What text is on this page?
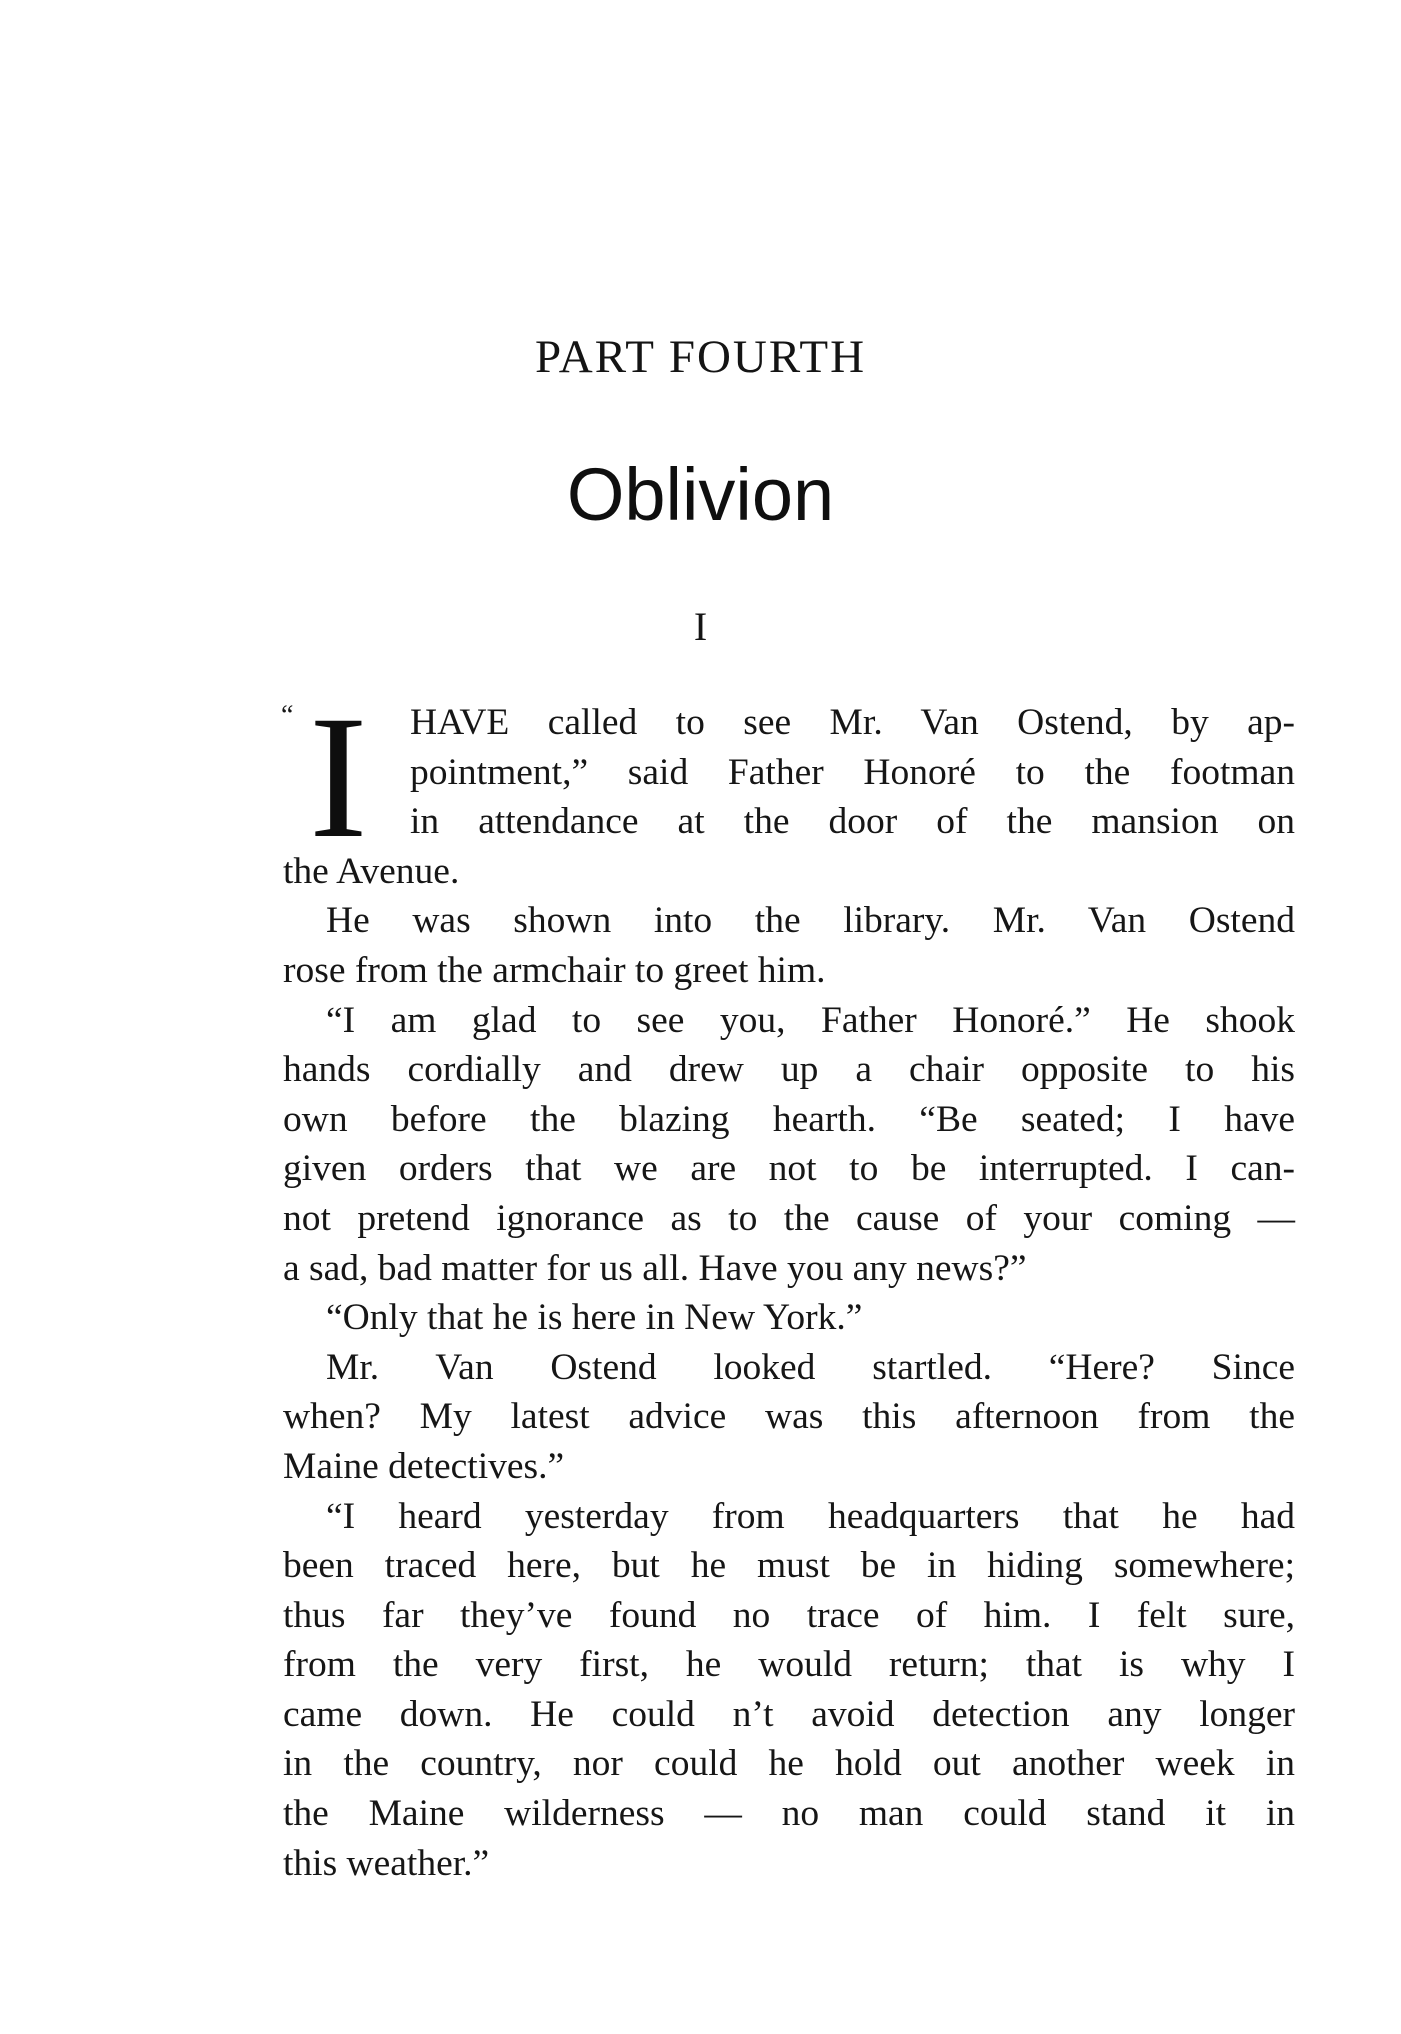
PART FOURTH
Oblivion
I
“ I	HAVE called to see Mr. Van Ostend, by ap-
pointment,” said Father Honoré to the footman
in attendance at the door of the mansion on
the Avenue.
He was shown into the library. Mr. Van Ostend
rose from the armchair to greet him.
“I am glad to see you, Father Honoré.” He shook
hands cordially and drew up a chair opposite to his
own before the blazing hearth. “Be seated; I have
given orders that we are not to be interrupted. I can-
not pretend ignorance as to the cause of your coming —
a sad, bad matter for us all. Have you any news?”
“Only that he is here in New York.”
Mr. Van Ostend looked startled. “Here? Since
when? My latest advice was this afternoon from the
Maine detectives.”
“I heard yesterday from headquarters that he had
been traced here, but he must be in hiding somewhere;
thus far they’ve found no trace of him. I felt sure,
from the very first, he would return; that is why I
came down. He could n’t avoid detection any longer
in the country, nor could he hold out another week in
the Maine wilderness — no man could stand it in
this weather.”
